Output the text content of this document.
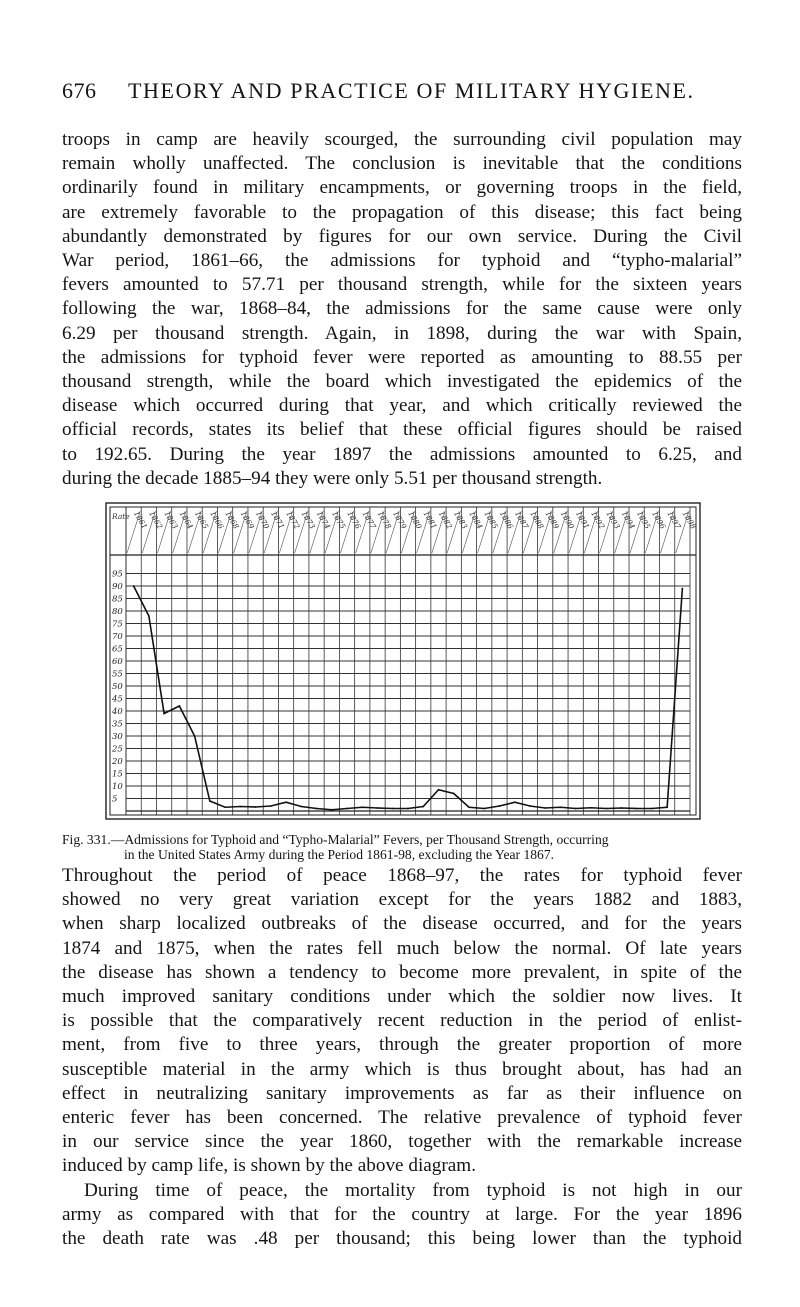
676 THEORY AND PRACTICE OF MILITARY HYGIENE.

troops in camp are heavily scourged, the surrounding civil population may
remain wholly unaffected. The conclusion is inevitable that the conditions
ordinarily found in military encampments, or governing troops in the field,
are extremely favorable to the propagation of this disease; this fact being
abundantly demonstrated by figures for our own service. During the Civil
War period, 1861–66, the admissions for typhoid and “typho-malarial”
fevers amounted to 57.71 per thousand strength, while for the sixteen years
following the war, 1868–84, the admissions for the same cause were only
6.29 per thousand strength. Again, in 1898, during the war with Spain,
the admissions for typhoid fever were reported as amounting to 88.55 per
thousand strength, while the board which investigated the epidemics of the
disease which occurred during that year, and which critically reviewed the
official records, states its belief that these official figures should be raised
to 192.65. During the year 1897 the admissions amounted to 6.25, and
during the decade 1885–94 they were only 5.51 per thousand strength.

Rate 1861
1862
1863
1864
1865
1866
1868
1869
1870
1871
1872
1873
1874
1875
1876
1877
1878
1879
1880
1881
1882
1883
1884
1885
1886
1887
1888
1889
1890
1891
1892
1893
1894
1895
1896
1897
1898
5
10
15
20
25
30
35
40
45
50
55
60
65
70
75
80
85
90
95

Fig. 331.—Admissions for Typhoid and “Typho-Malarial” Fevers, per Thousand Strength, occurring
in the United States Army during the Period 1861-98, excluding the Year 1867.

Throughout the period of peace 1868–97, the rates for typhoid fever
showed no very great variation except for the years 1882 and 1883,
when sharp localized outbreaks of the disease occurred, and for the years
1874 and 1875, when the rates fell much below the normal. Of late years
the disease has shown a tendency to become more prevalent, in spite of the
much improved sanitary conditions under which the soldier now lives. It
is possible that the comparatively recent reduction in the period of enlist-
ment, from five to three years, through the greater proportion of more
susceptible material in the army which is thus brought about, has had an
effect in neutralizing sanitary improvements as far as their influence on
enteric fever has been concerned. The relative prevalence of typhoid fever
in our service since the year 1860, together with the remarkable increase
induced by camp life, is shown by the above diagram.
During time of peace, the mortality from typhoid is not high in our
army as compared with that for the country at large. For the year 1896
the death rate was .48 per thousand; this being lower than the typhoid
